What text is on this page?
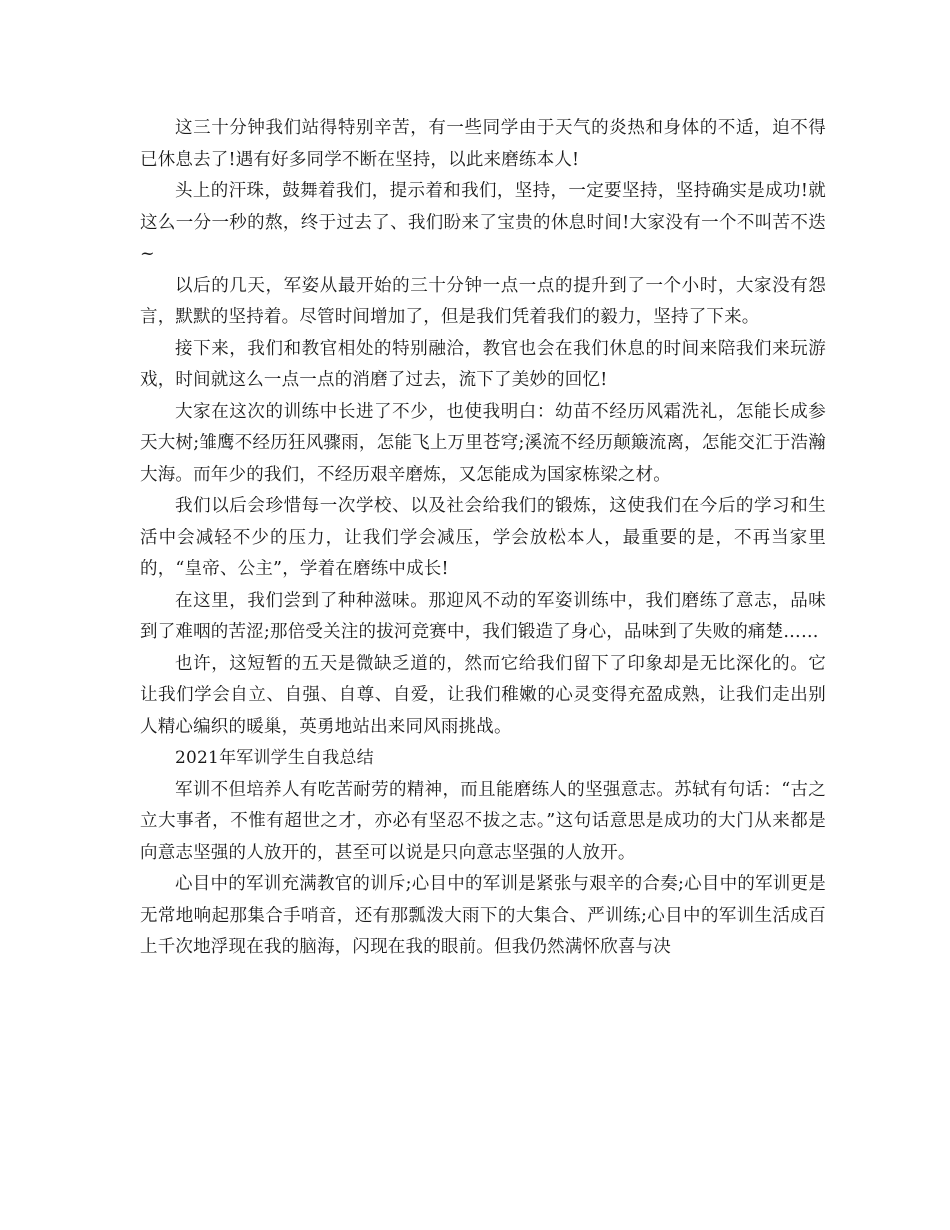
这三十分钟我们站得特别辛苦，有一些同学由于天气的炎热和身体的不适，迫不得已休息去了!遇有好多同学不断在坚持，以此来磨练本人!

头上的汗珠，鼓舞着我们，提示着和我们，坚持，一定要坚持，坚持确实是成功!就这么一分一秒的熬，终于过去了、我们盼来了宝贵的休息时间!大家没有一个不叫苦不迭~

以后的几天，军姿从最开始的三十分钟一点一点的提升到了一个小时，大家没有怨言，默默的坚持着。尽管时间增加了，但是我们凭着我们的毅力，坚持了下来。

接下来，我们和教官相处的特别融洽，教官也会在我们休息的时间来陪我们来玩游戏，时间就这么一点一点的消磨了过去，流下了美妙的回忆!

大家在这次的训练中长进了不少，也使我明白：幼苗不经历风霜洗礼，怎能长成参天大树;雏鹰不经历狂风骤雨，怎能飞上万里苍穹;溪流不经历颠簸流离，怎能交汇于浩瀚大海。而年少的我们，不经历艰辛磨炼，又怎能成为国家栋梁之材。

我们以后会珍惜每一次学校、以及社会给我们的锻炼，这使我们在今后的学习和生活中会减轻不少的压力，让我们学会减压，学会放松本人，最重要的是，不再当家里的，“皇帝、公主”，学着在磨练中成长!

在这里，我们尝到了种种滋味。那迎风不动的军姿训练中，我们磨练了意志，品味到了难咽的苦涩;那倍受关注的拔河竞赛中，我们锻造了身心，品味到了失败的痛楚……

也许，这短暂的五天是微缺乏道的，然而它给我们留下了印象却是无比深化的。它让我们学会自立、自强、自尊、自爱，让我们稚嫩的心灵变得充盈成熟，让我们走出别人精心编织的暖巢，英勇地站出来同风雨挑战。

2021年军训学生自我总结

军训不但培养人有吃苦耐劳的精神，而且能磨练人的坚强意志。苏轼有句话：“古之立大事者，不惟有超世之才，亦必有坚忍不拔之志。”这句话意思是成功的大门从来都是向意志坚强的人放开的，甚至可以说是只向意志坚强的人放开。

心目中的军训充满教官的训斥;心目中的军训是紧张与艰辛的合奏;心目中的军训更是无常地响起那集合手哨音，还有那瓢泼大雨下的大集合、严训练;心目中的军训生活成百上千次地浮现在我的脑海，闪现在我的眼前。但我仍然满怀欣喜与决
